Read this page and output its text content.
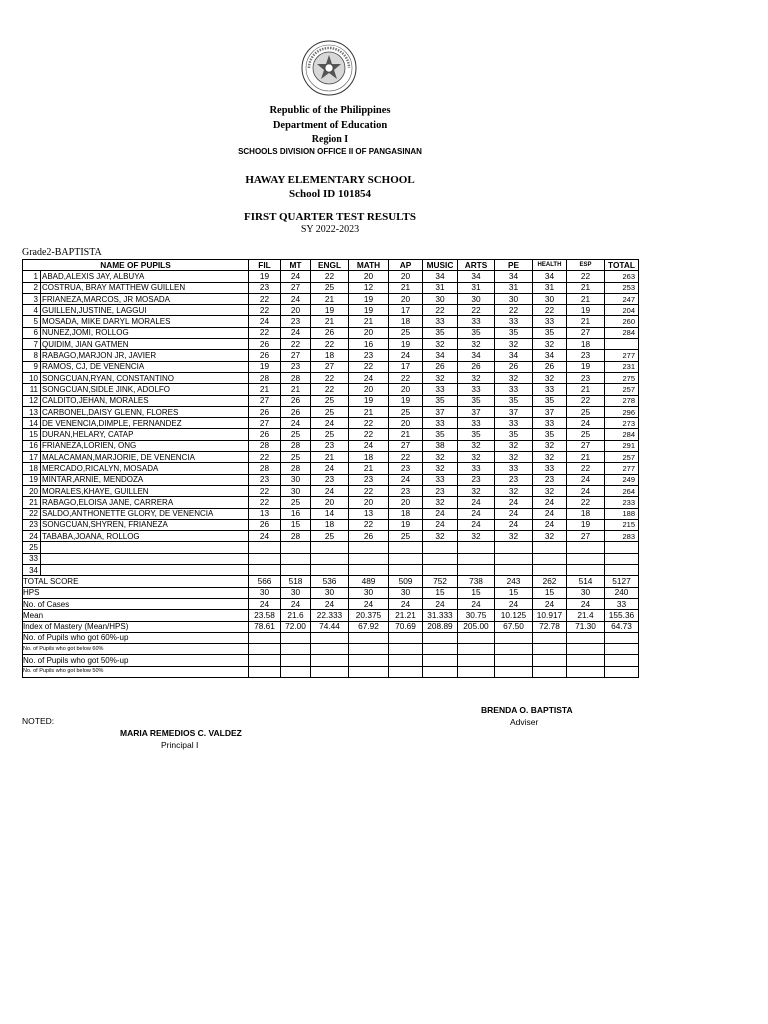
Republic of the Philippines
Department of Education
Region I
SCHOOLS DIVISION OFFICE II OF PANGASINAN
HAWAY ELEMENTARY SCHOOL
School ID 101854
FIRST QUARTER TEST RESULTS
SY 2022-2023
Grade2-BAPTISTA
NAME OF PUPILS		FIL	MT	ENGL	MATH	AP	MUSIC	ARTS	PE	HEALTH	ESP	TOTAL
1	ABAD,ALEXIS JAY, ALBUYA	19	24	22	20	20	34	34	34	34	22	263
2	COSTRUA, BRAY MATTHEW GUILLEN	23	27	25	12	21	31	31	31	31	21	253
3	FRIANEZA,MARCOS, JR MOSADA	22	24	21	19	20	30	30	30	30	21	247
4	GUILLEN,JUSTINE, LAGGUI	22	20	19	19	17	22	22	22	22	19	204
5	MOSADA, MIKE DARYL MORALES	24	23	21	21	18	33	33	33	33	21	260
6	NUNEZ,JOMI, ROLLOG	22	24	26	20	25	35	35	35	35	27	284
7	QUIDIM, JIAN GATMEN	26	22	22	16	19	32	32	32	32	18	
8	RABAGO,MARJON JR, JAVIER	26	27	18	23	24	34	34	34	34	23	277
9	RAMOS, CJ, DE VENENCIA	19	23	27	22	17	26	26	26	26	19	231
10	SONGCUAN,RYAN, CONSTANTINO	28	28	22	24	22	32	32	32	32	23	275
11	SONGCUAN,SIDLE JINK, ADOLFO	21	21	22	20	20	33	33	33	33	21	257
12	CALDITO,JEHAN, MORALES	27	26	25	19	19	35	35	35	35	22	278
13	CARBONEL,DAISY GLENN, FLORES	26	26	25	21	25	37	37	37	37	25	296
14	DE VENENCIA,DIMPLE, FERNANDEZ	27	24	24	22	20	33	33	33	33	24	273
15	DURAN,HELARY, CATAP	26	25	25	22	21	35	35	35	35	25	284
16	FRIANEZA,LORIEN, ONG	28	28	23	24	27	38	32	32	32	27	291
17	MALACAMAN,MARJORIE, DE VENENCIA	22	25	21	18	22	32	32	32	32	21	257
18	MERCADO,RICALYN, MOSADA	28	28	24	21	23	32	33	33	33	22	277
19	MINTAR,ARNIE, MENDOZA	23	30	23	23	24	33	23	23	23	24	249
20	MORALES,KHAYE, GUILLEN	22	30	24	22	23	23	32	32	32	24	264
21	RABAGO,ELOISA JANE, CARRERA	22	25	20	20	20	32	24	24	24	22	233
22	SALDO,ANTHONETTE GLORY, DE VENENCIA	13	16	14	13	18	24	24	24	24	18	188
23	SONGCUAN,SHYREN, FRIANEZA	26	15	18	22	19	24	24	24	24	19	215
24	TABABA,JOANA, ROLLOG	24	28	25	26	25	32	32	32	32	27	283
25												
33												
34												
TOTAL SCORE		566	518	536	489	509	752	738	243	262	514	5127
HPS		30	30	30	30	30	15	15	15	15	30	240
No. of Cases		24	24	24	24	24	24	24	24	24	24	33
Mean		23.58	21.6	22.333	20.375	21.21	31.333	30.75	10.125	10.917	21.4	155.36
Index of Mastery (Mean/HPS)		78.61	72.00	74.44	67.92	70.69	208.89	205.00	67.50	72.78	71.30	64.73
No. of Pupils who got 60%-up												
No. of Pupils who got below 60%												
No. of Pupils who got 50%-up												
No. of Pupils who got below 50%												
BRENDA O. BAPTISTA
Adviser
NOTED:
MARIA REMEDIOS C. VALDEZ
Principal I
